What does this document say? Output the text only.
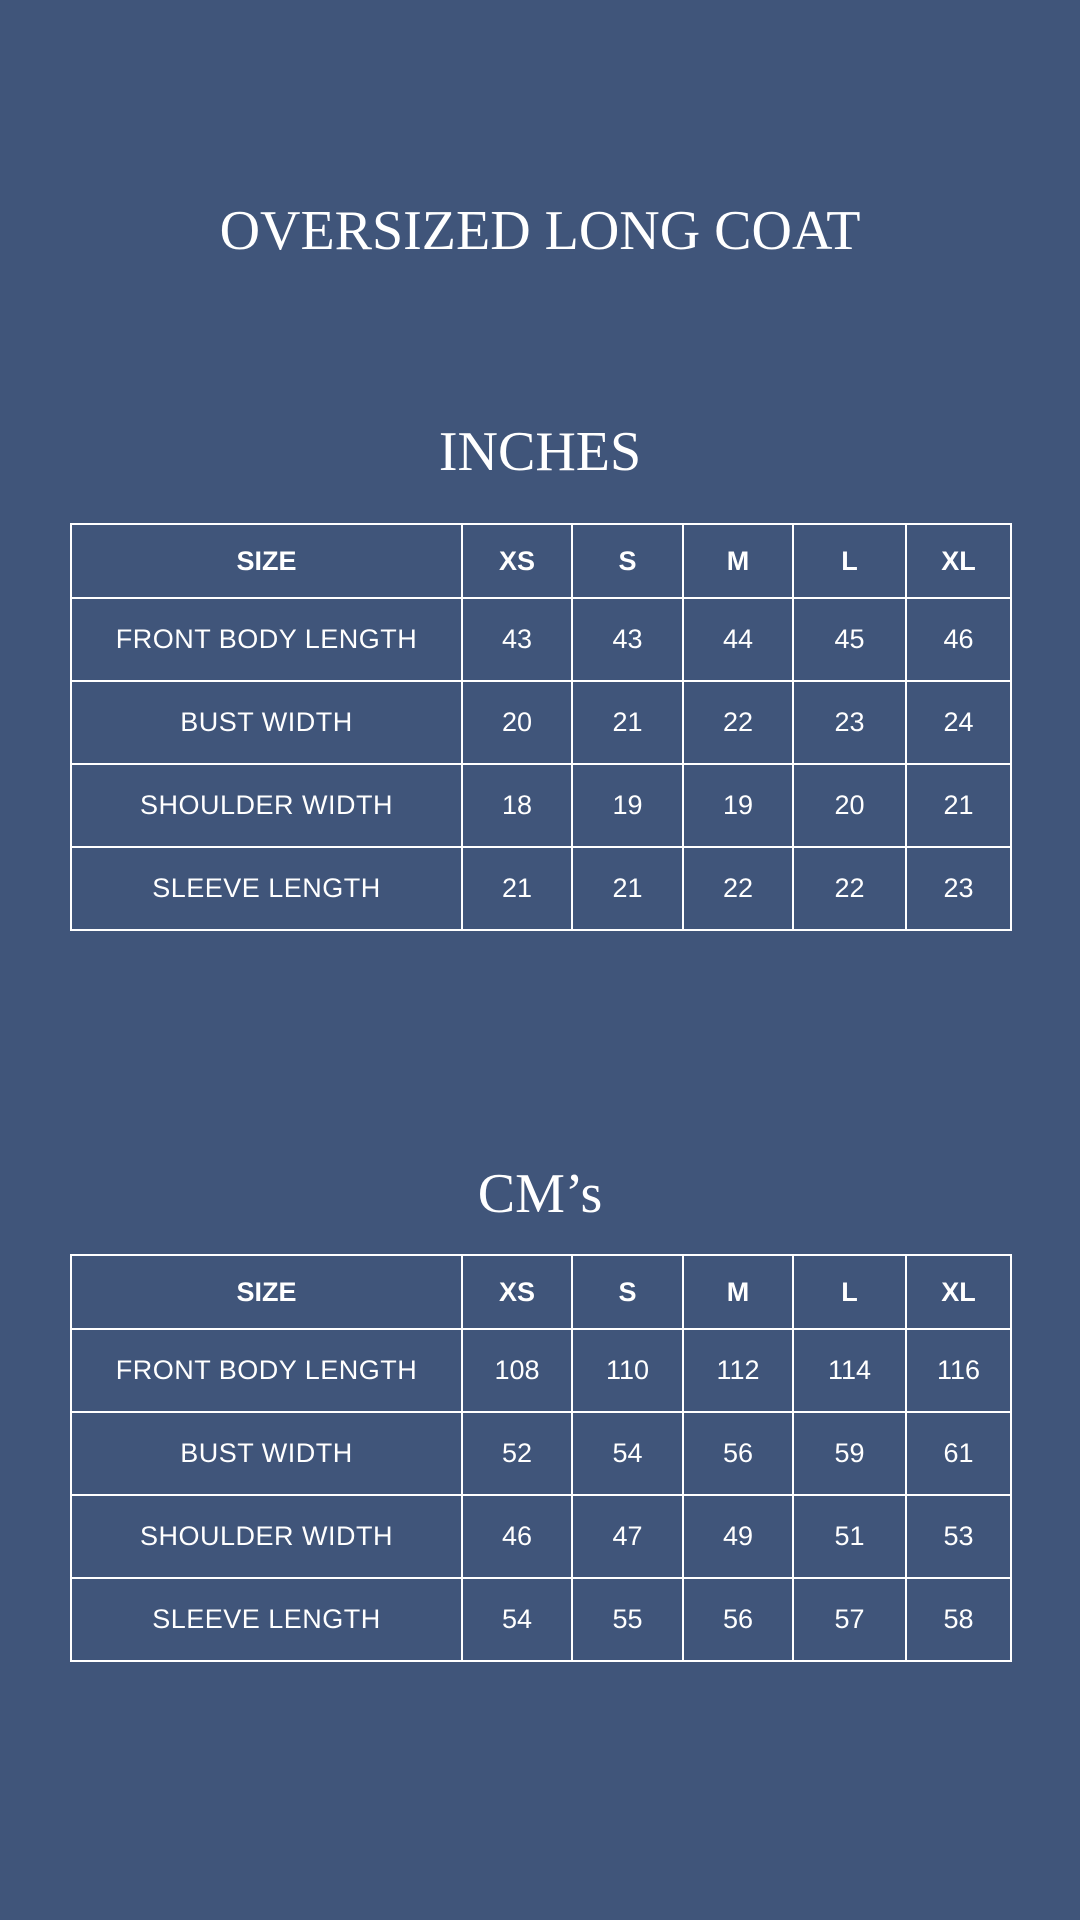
OVERSIZED LONG COAT
INCHES
SIZE	XS	S	M	L	XL
FRONT BODY LENGTH	43	43	44	45	46
BUST WIDTH	20	21	22	23	24
SHOULDER WIDTH	18	19	19	20	21
SLEEVE LENGTH	21	21	22	22	23
CM’s
SIZE	XS	S	M	L	XL
FRONT BODY LENGTH	108	110	112	114	116
BUST WIDTH	52	54	56	59	61
SHOULDER WIDTH	46	47	49	51	53
SLEEVE LENGTH	54	55	56	57	58
